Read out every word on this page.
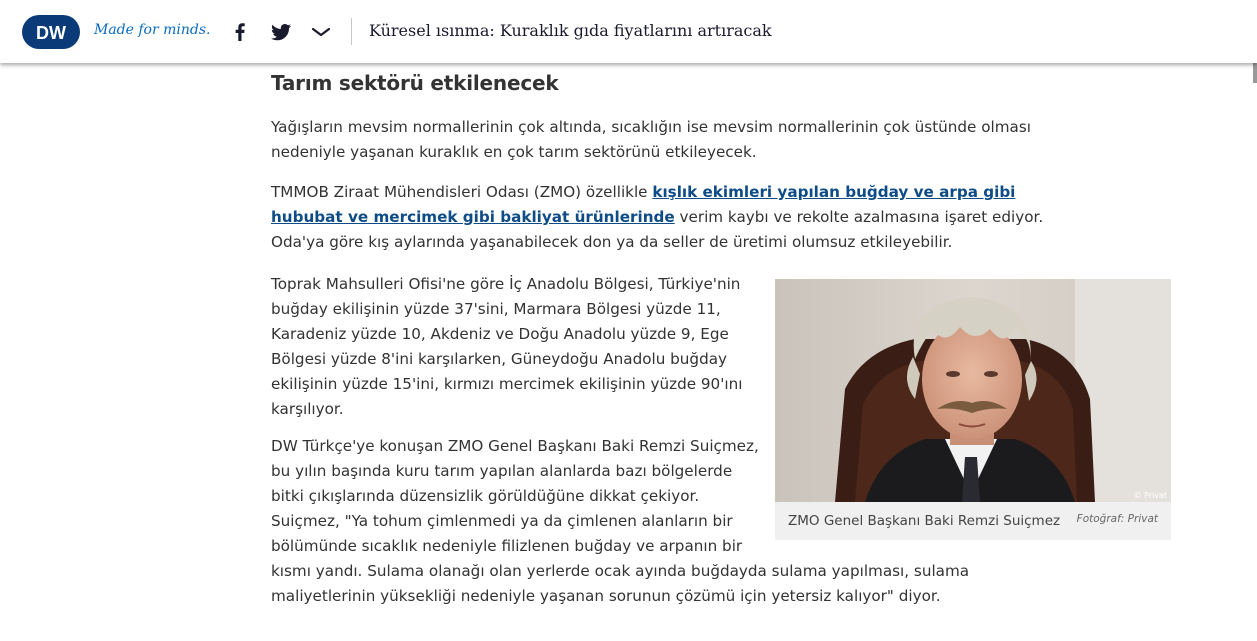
DW Made for minds.	Küresel ısınma: Kuraklık gıda fiyatlarını artıracak
Tarım sektörü etkilenecek

Yağışların mevsim normallerinin çok altında, sıcaklığın ise mevsim normallerinin çok üstünde olması nedeniyle yaşanan kuraklık en çok tarım sektörünü etkileyecek.

TMMOB Ziraat Mühendisleri Odası (ZMO) özellikle kışlık ekimleri yapılan buğday ve arpa gibi hububat ve mercimek gibi bakliyat ürünlerinde verim kaybı ve rekolte azalmasına işaret ediyor. Oda'ya göre kış aylarında yaşanabilecek don ya da seller de üretimi olumsuz etkileyebilir.

Toprak Mahsulleri Ofisi'ne göre İç Anadolu Bölgesi, Türkiye'nin buğday ekilişinin yüzde 37'sini, Marmara Bölgesi yüzde 11, Karadeniz yüzde 10, Akdeniz ve Doğu Anadolu yüzde 9, Ege Bölgesi yüzde 8'ini karşılarken, Güneydoğu Anadolu buğday ekilişinin yüzde 15'ini, kırmızı mercimek ekilişinin yüzde 90'ını karşılıyor.

DW Türkçe'ye konuşan ZMO Genel Başkanı Baki Remzi Suiçmez, bu yılın başında kuru tarım yapılan alanlarda bazı bölgelerde bitki çıkışlarında düzensizlik görüldüğüne dikkat çekiyor. Suiçmez, "Ya tohum çimlenmedi ya da çimlenen alanların bir bölümünde sıcaklık nedeniyle filizlenen buğday ve arpanın bir kısmı yandı. Sulama olanağı olan yerlerde ocak ayında buğdayda sulama yapılması, sulama maliyetlerinin yüksekliği nedeniyle yaşanan sorunun çözümü için yetersiz kalıyor" diyor.

© Privat
ZMO Genel Başkanı Baki Remzi Suiçmez Fotoğraf: Privat
